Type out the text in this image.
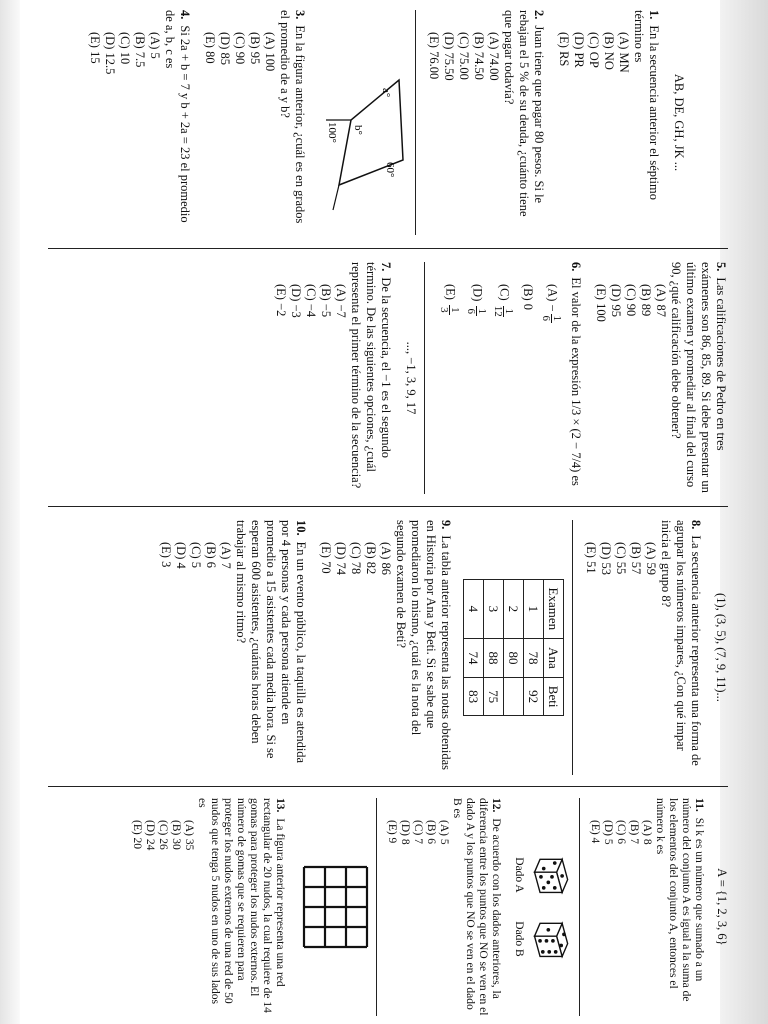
AB, DE, GH, JK ...

1.En la secuencia anterior el séptimo término es

(A) MN

(B) NO

(C) OP

(D) PR

(E) RS

2.Juan tiene que pagar 80 pesos. Si le rebajan el 5 % de su deuda, ¿cuánto tiene que pagar todavía?

(A) 74.00

(B) 74.50

(C) 75.00

(D) 75.50

(E) 76.00

a°
b°
60°
100°

3.En la figura anterior, ¿cuál es en grados el promedio de a y b?

(A) 100

(B) 95

(C) 90

(D) 85

(E) 80

4.Si 2a + b = 7 y b + 2a = 23 el promedio de a, b, c es

(A) 5

(B) 7.5

(C) 10

(D) 12.5

(E) 15

5.Las calificaciones de Pedro en tres exámenes son 86, 85, 89. Si debe presentar un último examen y promediar al final del curso 90, ¿qué calificación debe obtener?

(A) 87

(B) 89

(C) 90

(D) 95

(E) 100

6.El valor de la expresión 1/3 × (2 − 7/4) es

(A) −
1
6

(B) 0

(C)
1
12

(D)
1
6

(E)
1
3

..., −1, 3, 9, 17

7.De la secuencia, el −1 es el segundo término. De las siguientes opciones, ¿cuál representa el primer término de la secuencia?

(A) −7

(B) −5

(C) −4

(D) −3

(E) −2

(1), (3, 5), (7, 9, 11)...

8.La secuencia anterior representa una forma de agrupar los números impares, ¿Con qué impar inicia el grupo 8?

(A) 59

(B) 57

(C) 55

(D) 53

(E) 51

Examen	Ana	Beti
1	78	92
2	80	
3	88	75
4	74	83

9.La tabla anterior representa las notas obtenidas en Historia por Ana y Beti. Si se sabe que promediaron lo mismo, ¿cuál es la nota del segundo examen de Beti?

(A) 86

(B) 82

(C) 78

(D) 74

(E) 70

10.En un evento público, la taquilla es atendida por 4 personas y cada persona atiende en promedio a 15 asistentes cada media hora. Si se esperan 600 asistentes, ¿cuántas horas deben trabajar al mismo ritmo?

(A) 7

(B) 6

(C) 5

(D) 4

(E) 3

A = {1, 2, 3, 6}

11.Si k es un número que sumado a un número del conjunto A es igual a la suma de los elementos del conjunto A, entonces el número k es

(A) 8

(B) 7

(C) 6

(D) 5

(E) 4

Dado A
Dado B

12.De acuerdo con los dados anteriores, la diferencia entre los puntos que NO se ven en el dado A y los puntos que NO se ven en el dado B es

(A) 5

(B) 6

(C) 7

(D) 8

(E) 9

13.La figura anterior representa una red rectangular de 20 nudos, la cual requiere de 14 gomas para proteger los nudos externos. El número de gomas que se requieren para proteger los nudos externos de una red de 50 nudos que tenga 5 nudos en uno de sus lados es

(A) 35

(B) 30

(C) 26

(D) 24

(E) 20
